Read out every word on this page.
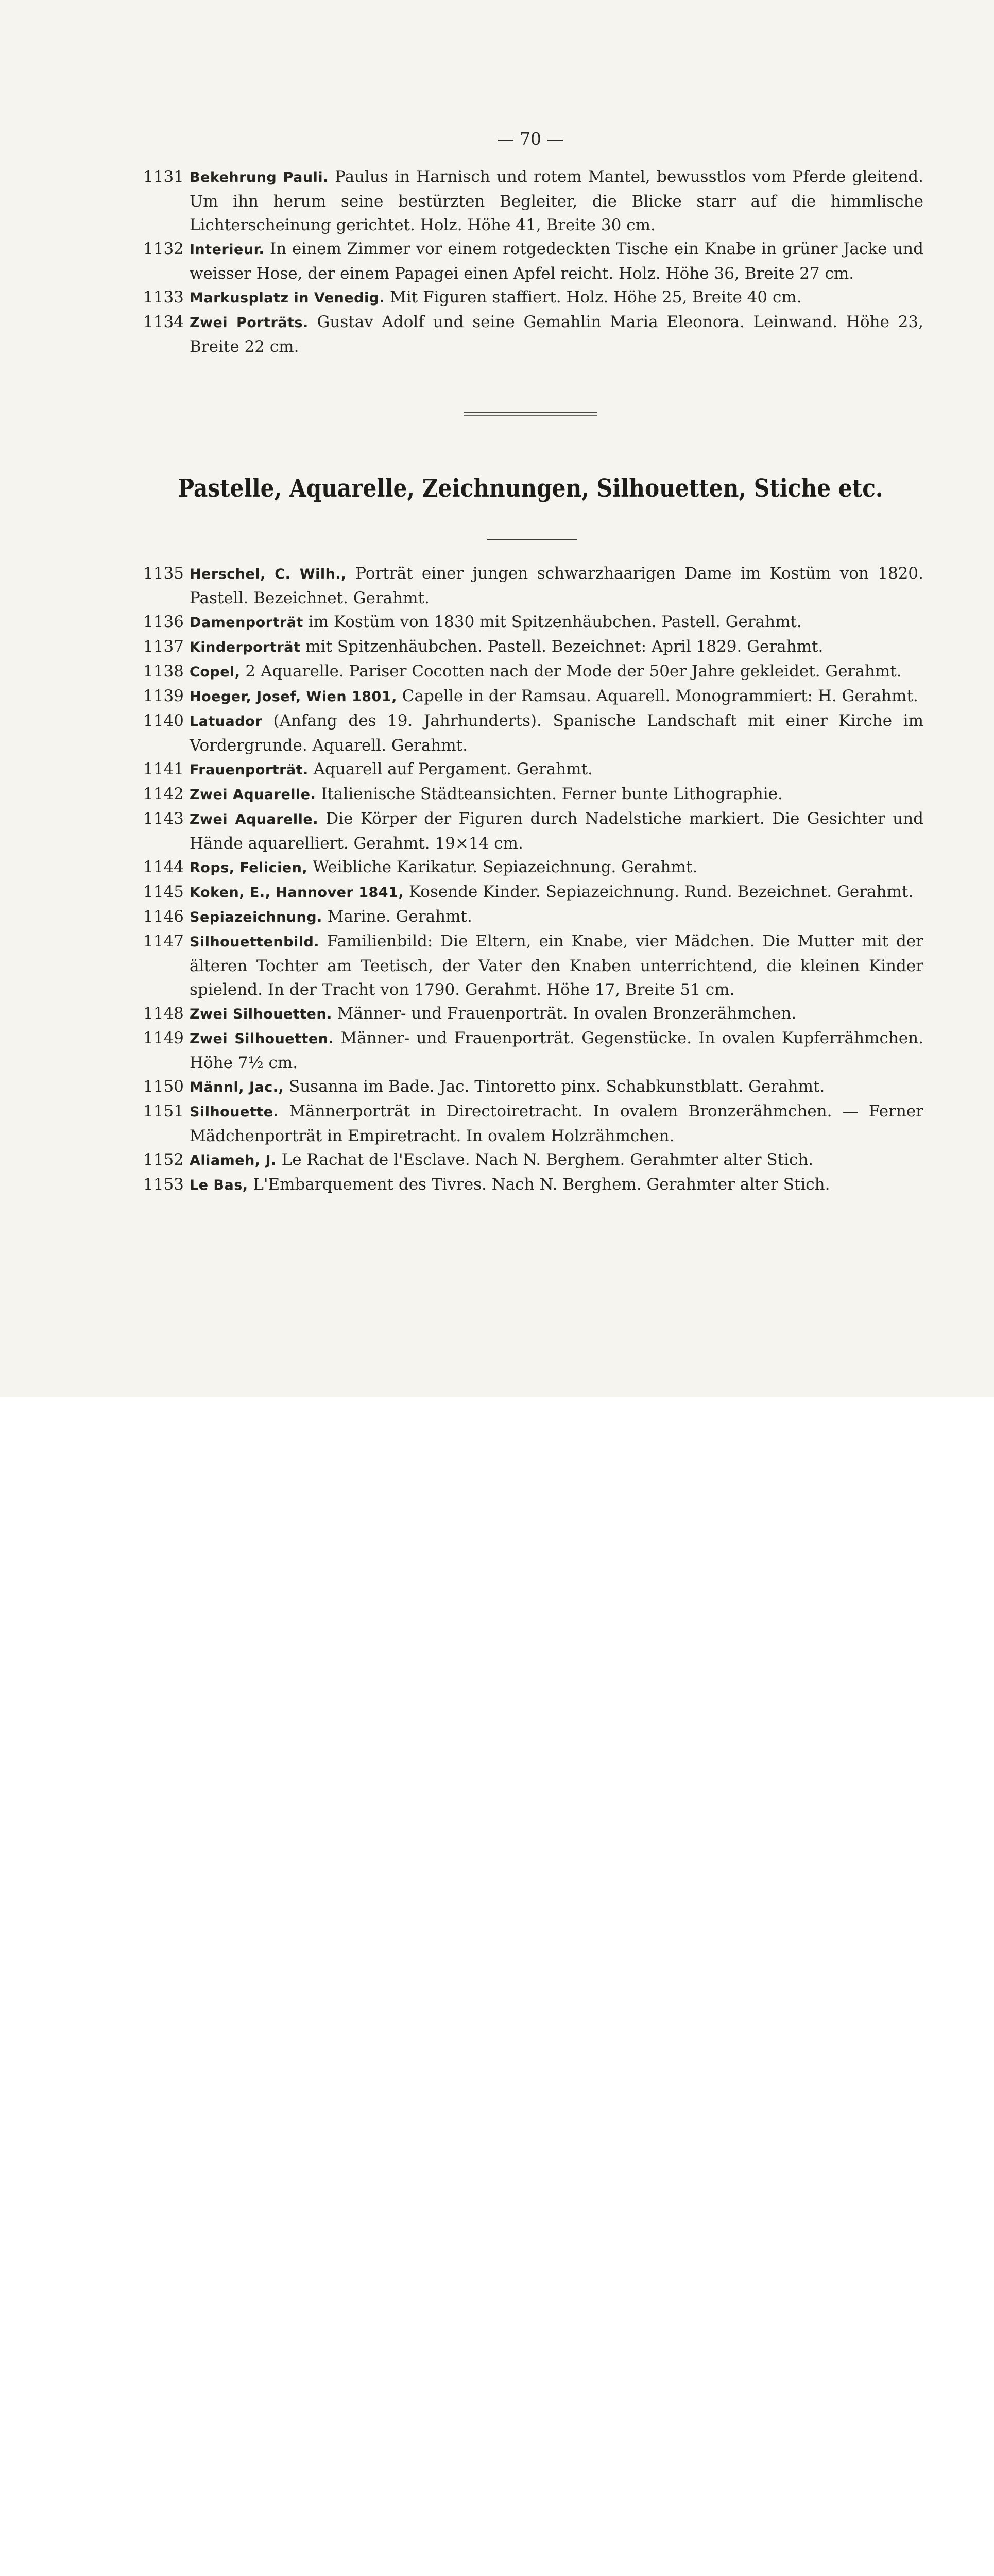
— 70 —
1131 Bekehrung Pauli. Paulus in Harnisch und rotem Mantel, bewusstlos vom Pferde gleitend. Um ihn herum seine bestürzten Begleiter, die Blicke starr auf die himmlische Lichterscheinung gerichtet. Holz. Höhe 41, Breite 30 cm.
1132 Interieur. In einem Zimmer vor einem rotgedeckten Tische ein Knabe in grüner Jacke und weisser Hose, der einem Papagei einen Apfel reicht. Holz. Höhe 36, Breite 27 cm.
1133 Markusplatz in Venedig. Mit Figuren staffiert. Holz. Höhe 25, Breite 40 cm.
1134 Zwei Porträts. Gustav Adolf und seine Gemahlin Maria Eleonora. Leinwand. Höhe 23, Breite 22 cm.
Pastelle, Aquarelle, Zeichnungen, Silhouetten, Stiche etc.
1135 Herschel, C. Wilh., Porträt einer jungen schwarzhaarigen Dame im Kostüm von 1820. Pastell. Bezeichnet. Gerahmt.
1136 Damenporträt im Kostüm von 1830 mit Spitzenhäubchen. Pastell. Gerahmt.
1137 Kinderporträt mit Spitzenhäubchen. Pastell. Bezeichnet: April 1829. Gerahmt.
1138 Copel, 2 Aquarelle. Pariser Cocotten nach der Mode der 50er Jahre gekleidet. Gerahmt.
1139 Hoeger, Josef, Wien 1801, Capelle in der Ramsau. Aquarell. Monogrammiert: H. Gerahmt.
1140 Latuador (Anfang des 19. Jahrhunderts). Spanische Landschaft mit einer Kirche im Vordergrunde. Aquarell. Gerahmt.
1141 Frauenporträt. Aquarell auf Pergament. Gerahmt.
1142 Zwei Aquarelle. Italienische Städteansichten. Ferner bunte Lithographie.
1143 Zwei Aquarelle. Die Körper der Figuren durch Nadelstiche markiert. Die Gesichter und Hände aquarelliert. Gerahmt. 19×14 cm.
1144 Rops, Felicien, Weibliche Karikatur. Sepiazeichnung. Gerahmt.
1145 Koken, E., Hannover 1841, Kosende Kinder. Sepiazeichnung. Rund. Bezeichnet. Gerahmt.
1146 Sepiazeichnung. Marine. Gerahmt.
1147 Silhouettenbild. Familienbild: Die Eltern, ein Knabe, vier Mädchen. Die Mutter mit der älteren Tochter am Teetisch, der Vater den Knaben unterrichtend, die kleinen Kinder spielend. In der Tracht von 1790. Gerahmt. Höhe 17, Breite 51 cm.
1148 Zwei Silhouetten. Männer- und Frauenporträt. In ovalen Bronzerähmchen.
1149 Zwei Silhouetten. Männer- und Frauenporträt. Gegenstücke. In ovalen Kupferrähmchen. Höhe 7½ cm.
1150 Männl, Jac., Susanna im Bade. Jac. Tintoretto pinx. Schabkunstblatt. Gerahmt.
1151 Silhouette. Männerporträt in Directoiretracht. In ovalem Bronzerähmchen. — Ferner Mädchenporträt in Empiretracht. In ovalem Holzrähmchen.
1152 Aliameh, J. Le Rachat de l'Esclave. Nach N. Berghem. Gerahmter alter Stich.
1153 Le Bas, L'Embarquement des Tivres. Nach N. Berghem. Gerahmter alter Stich.
